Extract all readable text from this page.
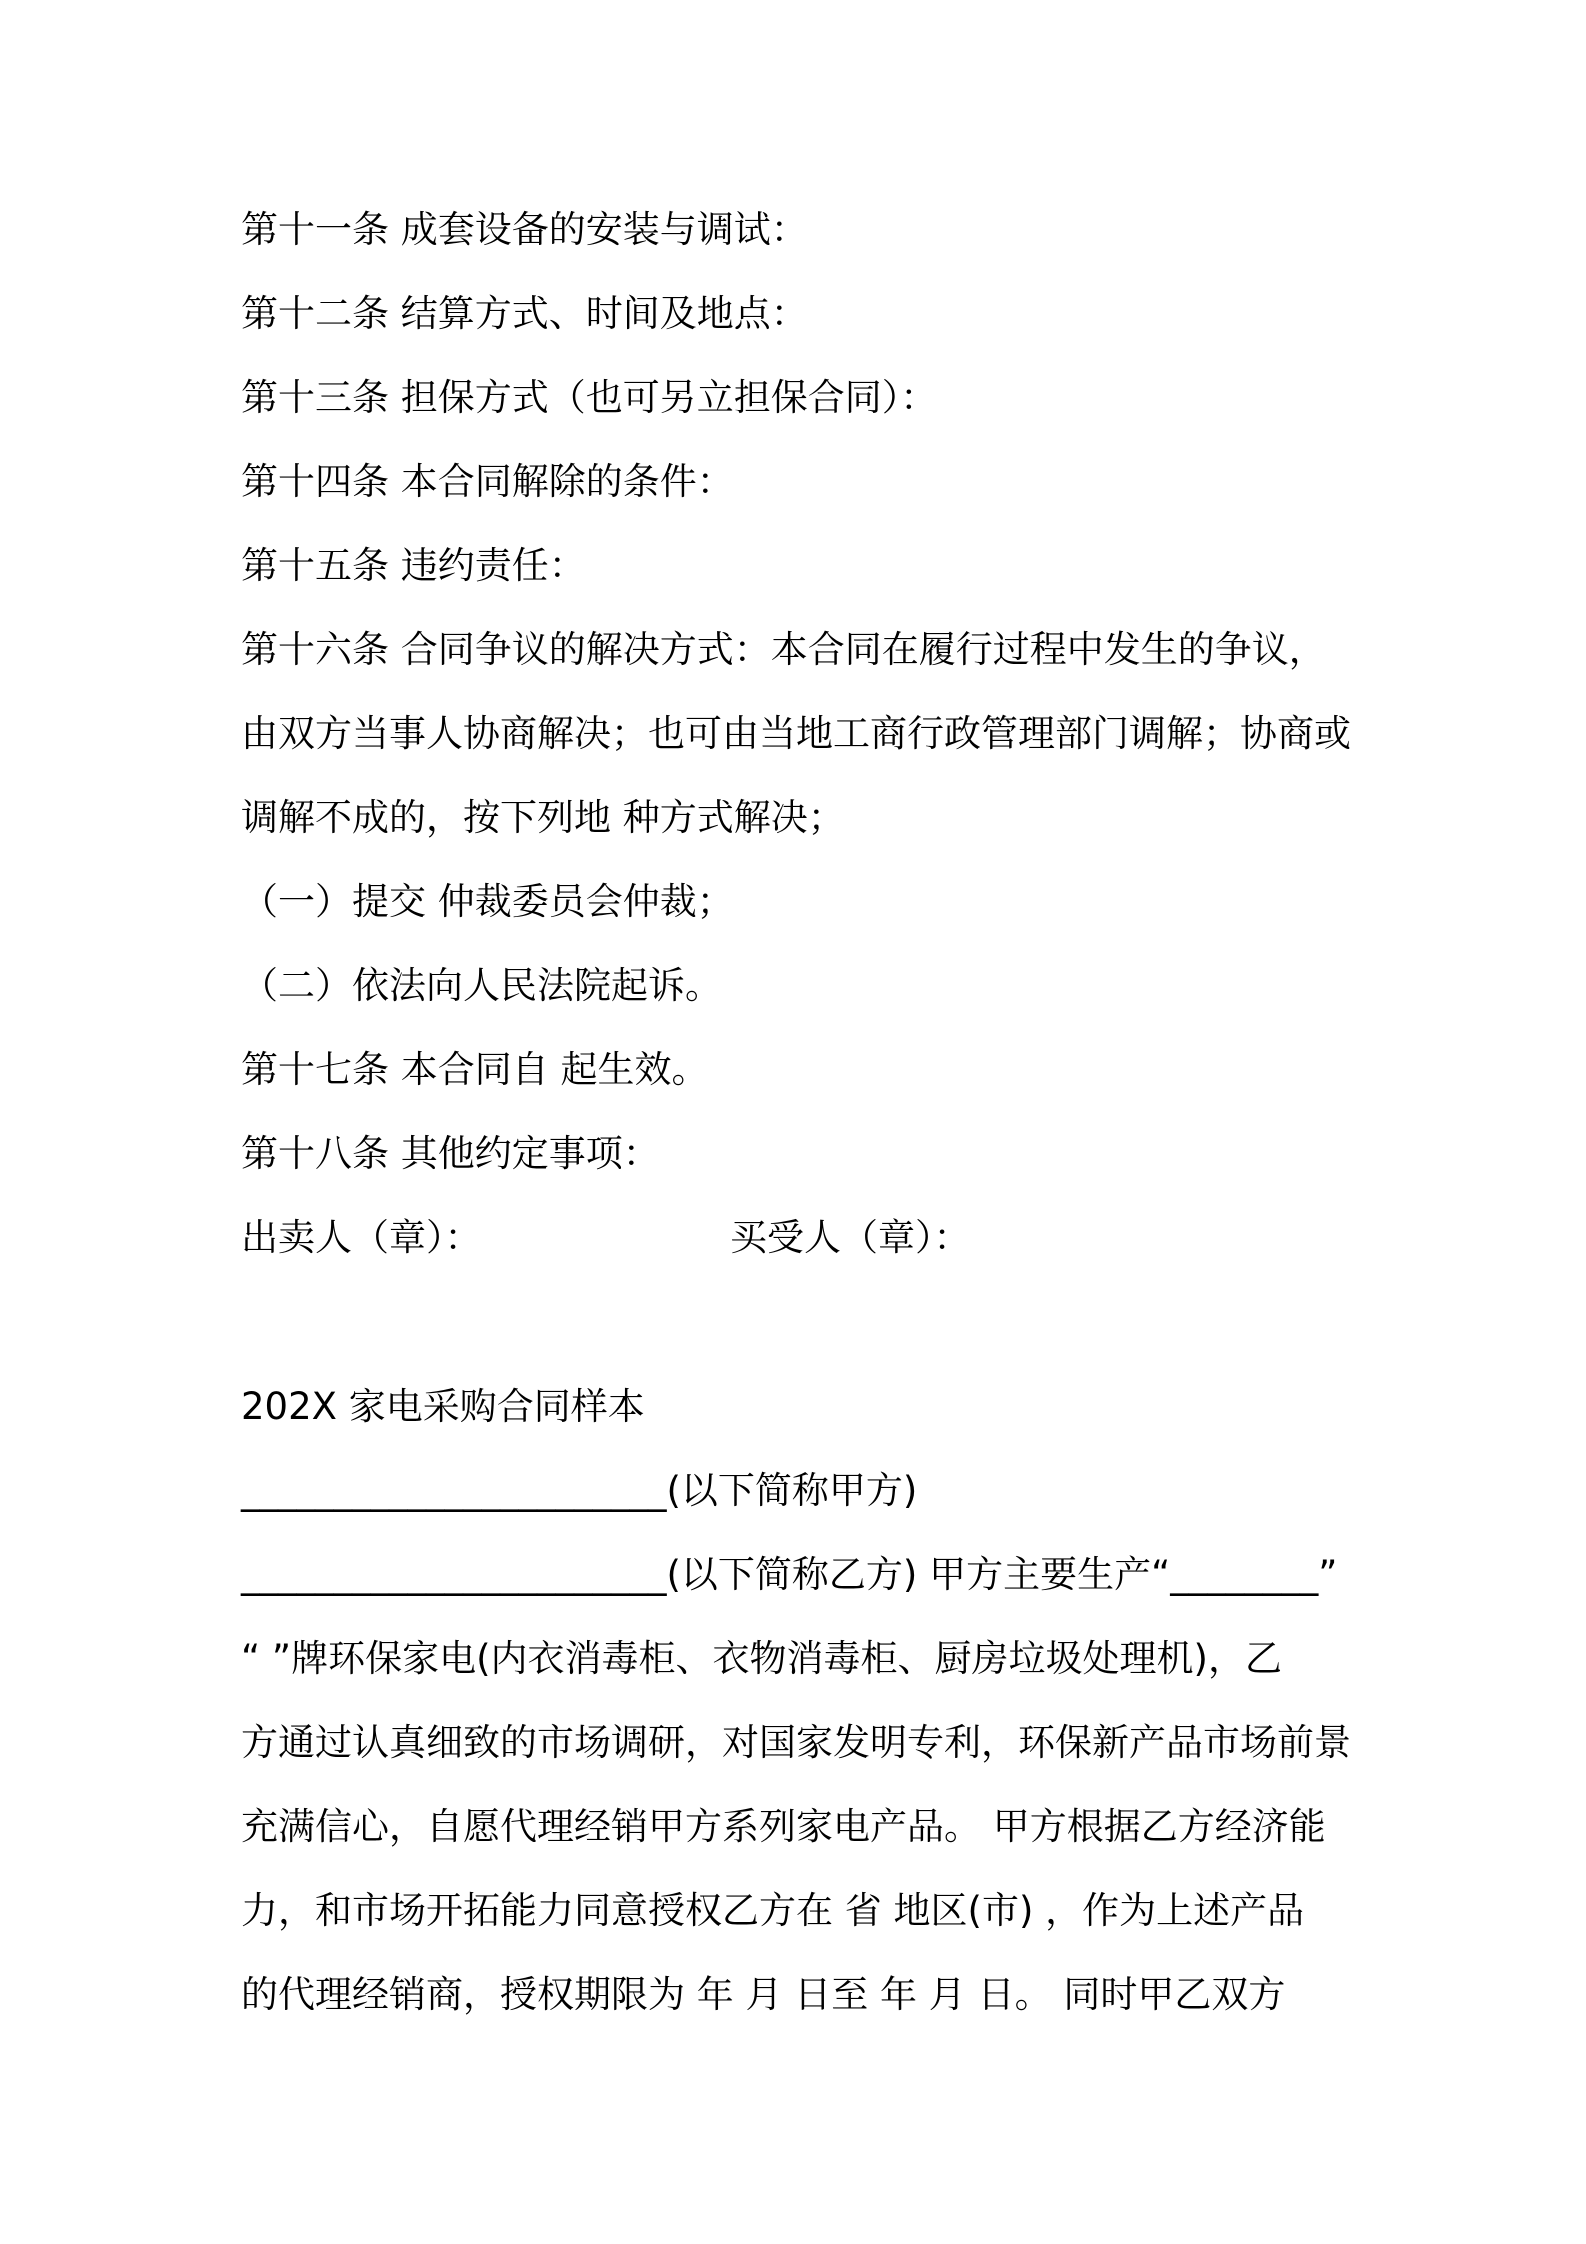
第十一条 成套设备的安装与调试：
第十二条 结算方式、时间及地点：
第十三条 担保方式（也可另立担保合同）：
第十四条 本合同解除的条件：
第十五条 违约责任：
第十六条 合同争议的解决方式：本合同在履行过程中发生的争议，
由双方当事人协商解决；也可由当地工商行政管理部门调解；协商或
调解不成的，按下列地 种方式解决；
（一）提交 仲裁委员会仲裁；
（二）依法向人民法院起诉。
第十七条 本合同自 起生效。
第十八条 其他约定事项：
出卖人（章）：	买受人（章）：
202X 家电采购合同样本
_______________________(以下简称甲方)
_______________________(以下简称乙方) 甲方主要生产“________”
“ ”牌环保家电(内衣消毒柜、衣物消毒柜、厨房垃圾处理机)，乙
方通过认真细致的市场调研，对国家发明专利，环保新产品市场前景
充满信心，自愿代理经销甲方系列家电产品。 甲方根据乙方经济能
力，和市场开拓能力同意授权乙方在 省 地区(市) ，作为上述产品
的代理经销商，授权期限为 年 月 日至 年 月 日。 同时甲乙双方
